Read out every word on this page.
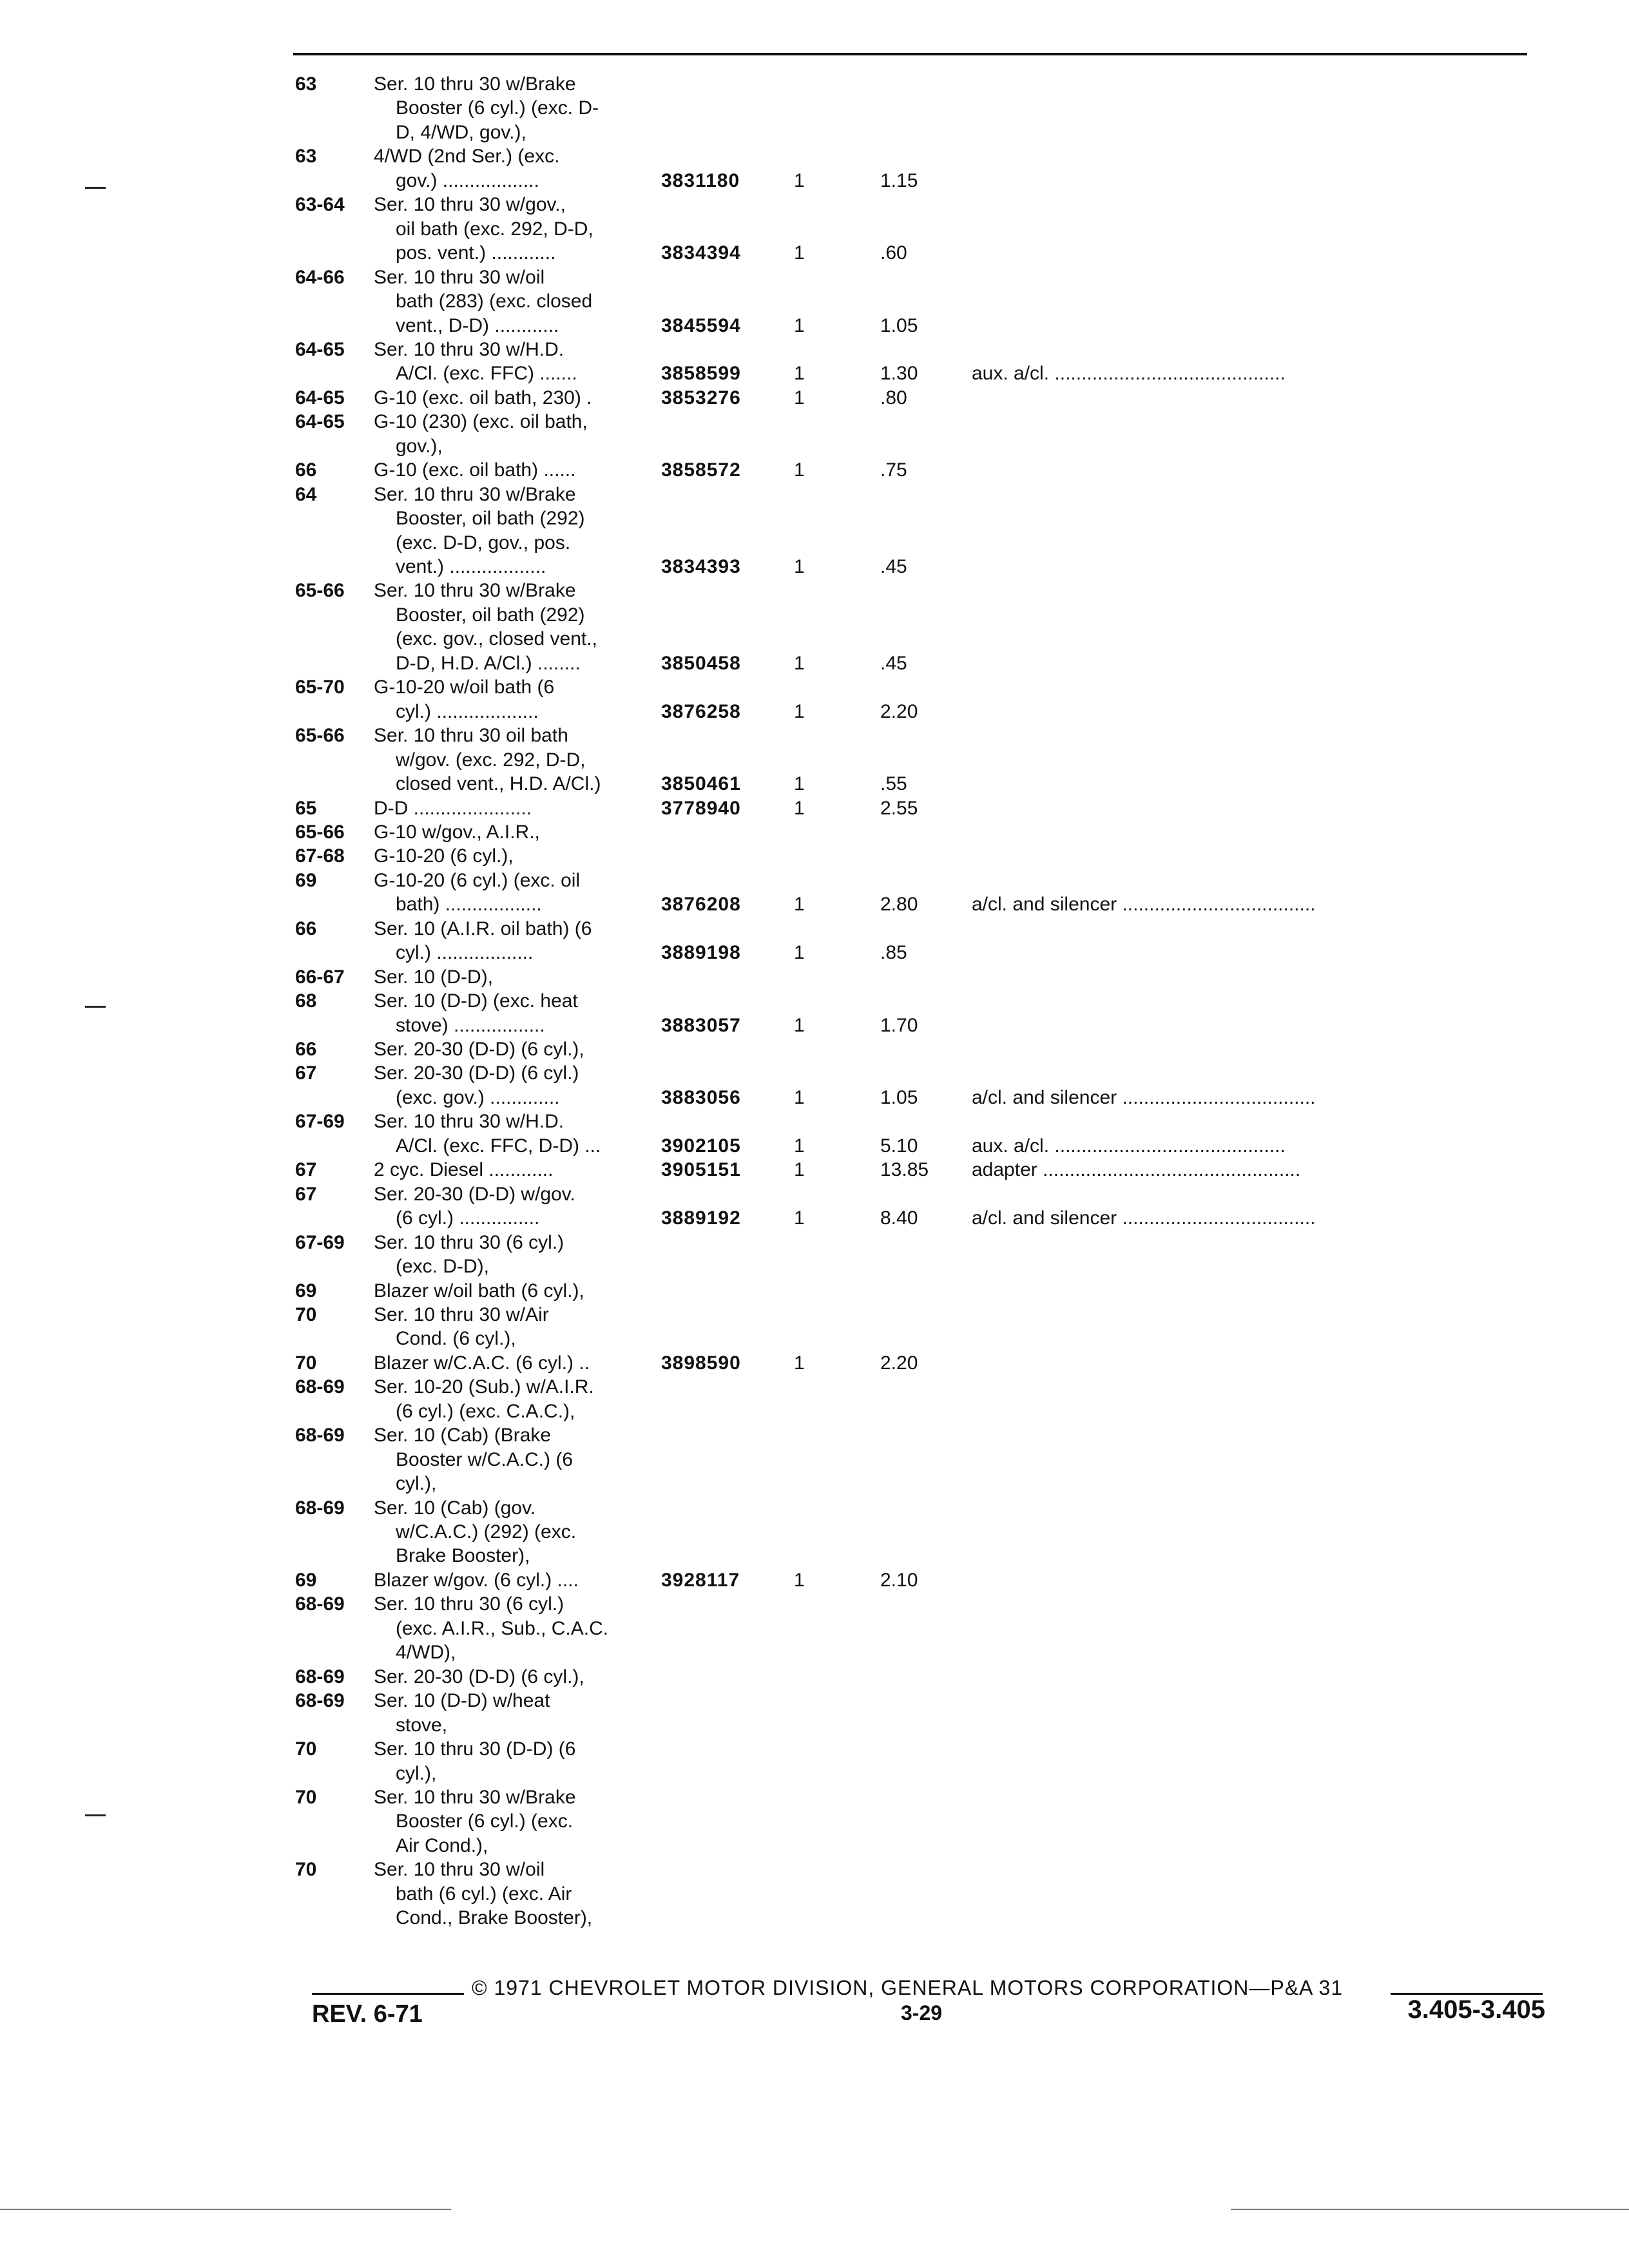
63	Ser. 10 thru 30 w/Brake
Booster (6 cyl.) (exc. D-
D, 4/WD, gov.),
63	4/WD (2nd Ser.) (exc.
gov.) ..................	3831180	1	1.15
63-64 Ser. 10 thru 30 w/gov.,
oil bath (exc. 292, D-D,
pos. vent.) ............	3834394	1	.60
64-66 Ser. 10 thru 30 w/oil
bath (283) (exc. closed
vent., D-D) ............	3845594	1	1.05
64-65 Ser. 10 thru 30 w/H.D.
A/Cl. (exc. FFC) .......	3858599	1	1.30	aux. a/cl. ...........................................
64-65 G-10 (exc. oil bath, 230) .	3853276	1	.80
64-65 G-10 (230) (exc. oil bath,
gov.),
66	G-10 (exc. oil bath) ......	3858572	1	.75
64	Ser. 10 thru 30 w/Brake
Booster, oil bath (292)
(exc. D-D, gov., pos.
vent.) ..................	3834393	1	.45
65-66 Ser. 10 thru 30 w/Brake
Booster, oil bath (292)
(exc. gov., closed vent.,
D-D, H.D. A/Cl.) ........	3850458	1	.45
65-70 G-10-20 w/oil bath (6
cyl.) ...................	3876258	1	2.20
65-66 Ser. 10 thru 30 oil bath
w/gov. (exc. 292, D-D,
closed vent., H.D. A/Cl.)	3850461	1	.55
65	D-D ......................	3778940	1	2.55
65-66 G-10 w/gov., A.I.R.,
67-68 G-10-20 (6 cyl.),
69	G-10-20 (6 cyl.) (exc. oil
bath) ..................	3876208	1	2.80	a/cl. and silencer ....................................
66	Ser. 10 (A.I.R. oil bath) (6
cyl.) ..................	3889198	1	.85
66-67 Ser. 10 (D-D),
68	Ser. 10 (D-D) (exc. heat
stove) .................	3883057	1	1.70
66	Ser. 20-30 (D-D) (6 cyl.),
67	Ser. 20-30 (D-D) (6 cyl.)
(exc. gov.) .............	3883056	1	1.05	a/cl. and silencer ....................................
67-69 Ser. 10 thru 30 w/H.D.
A/Cl. (exc. FFC, D-D) ...	3902105	1	5.10	aux. a/cl. ...........................................
67	2 cyc. Diesel ............	3905151	1	13.85 adapter ................................................
67	Ser. 20-30 (D-D) w/gov.
(6 cyl.) ...............	3889192	1	8.40	a/cl. and silencer ....................................
67-69 Ser. 10 thru 30 (6 cyl.)
(exc. D-D),
69	Blazer w/oil bath (6 cyl.),
70	Ser. 10 thru 30 w/Air
Cond. (6 cyl.),
70	Blazer w/C.A.C. (6 cyl.) ..	3898590	1	2.20
68-69 Ser. 10-20 (Sub.) w/A.I.R.
(6 cyl.) (exc. C.A.C.),
68-69 Ser. 10 (Cab) (Brake
Booster w/C.A.C.) (6
cyl.),
68-69 Ser. 10 (Cab) (gov.
w/C.A.C.) (292) (exc.
Brake Booster),
69	Blazer w/gov. (6 cyl.) ....	3928117	1	2.10
68-69 Ser. 10 thru 30 (6 cyl.)
(exc. A.I.R., Sub., C.A.C.
4/WD),
68-69 Ser. 20-30 (D-D) (6 cyl.),
68-69 Ser. 10 (D-D) w/heat
stove,
70	Ser. 10 thru 30 (D-D) (6
cyl.),
70	Ser. 10 thru 30 w/Brake
Booster (6 cyl.) (exc.
Air Cond.),
70	Ser. 10 thru 30 w/oil
bath (6 cyl.) (exc. Air
Cond., Brake Booster),
© 1971 CHEVROLET MOTOR DIVISION, GENERAL MOTORS CORPORATION—P&A 31
REV. 6-71	3-29	3.405-3.405
